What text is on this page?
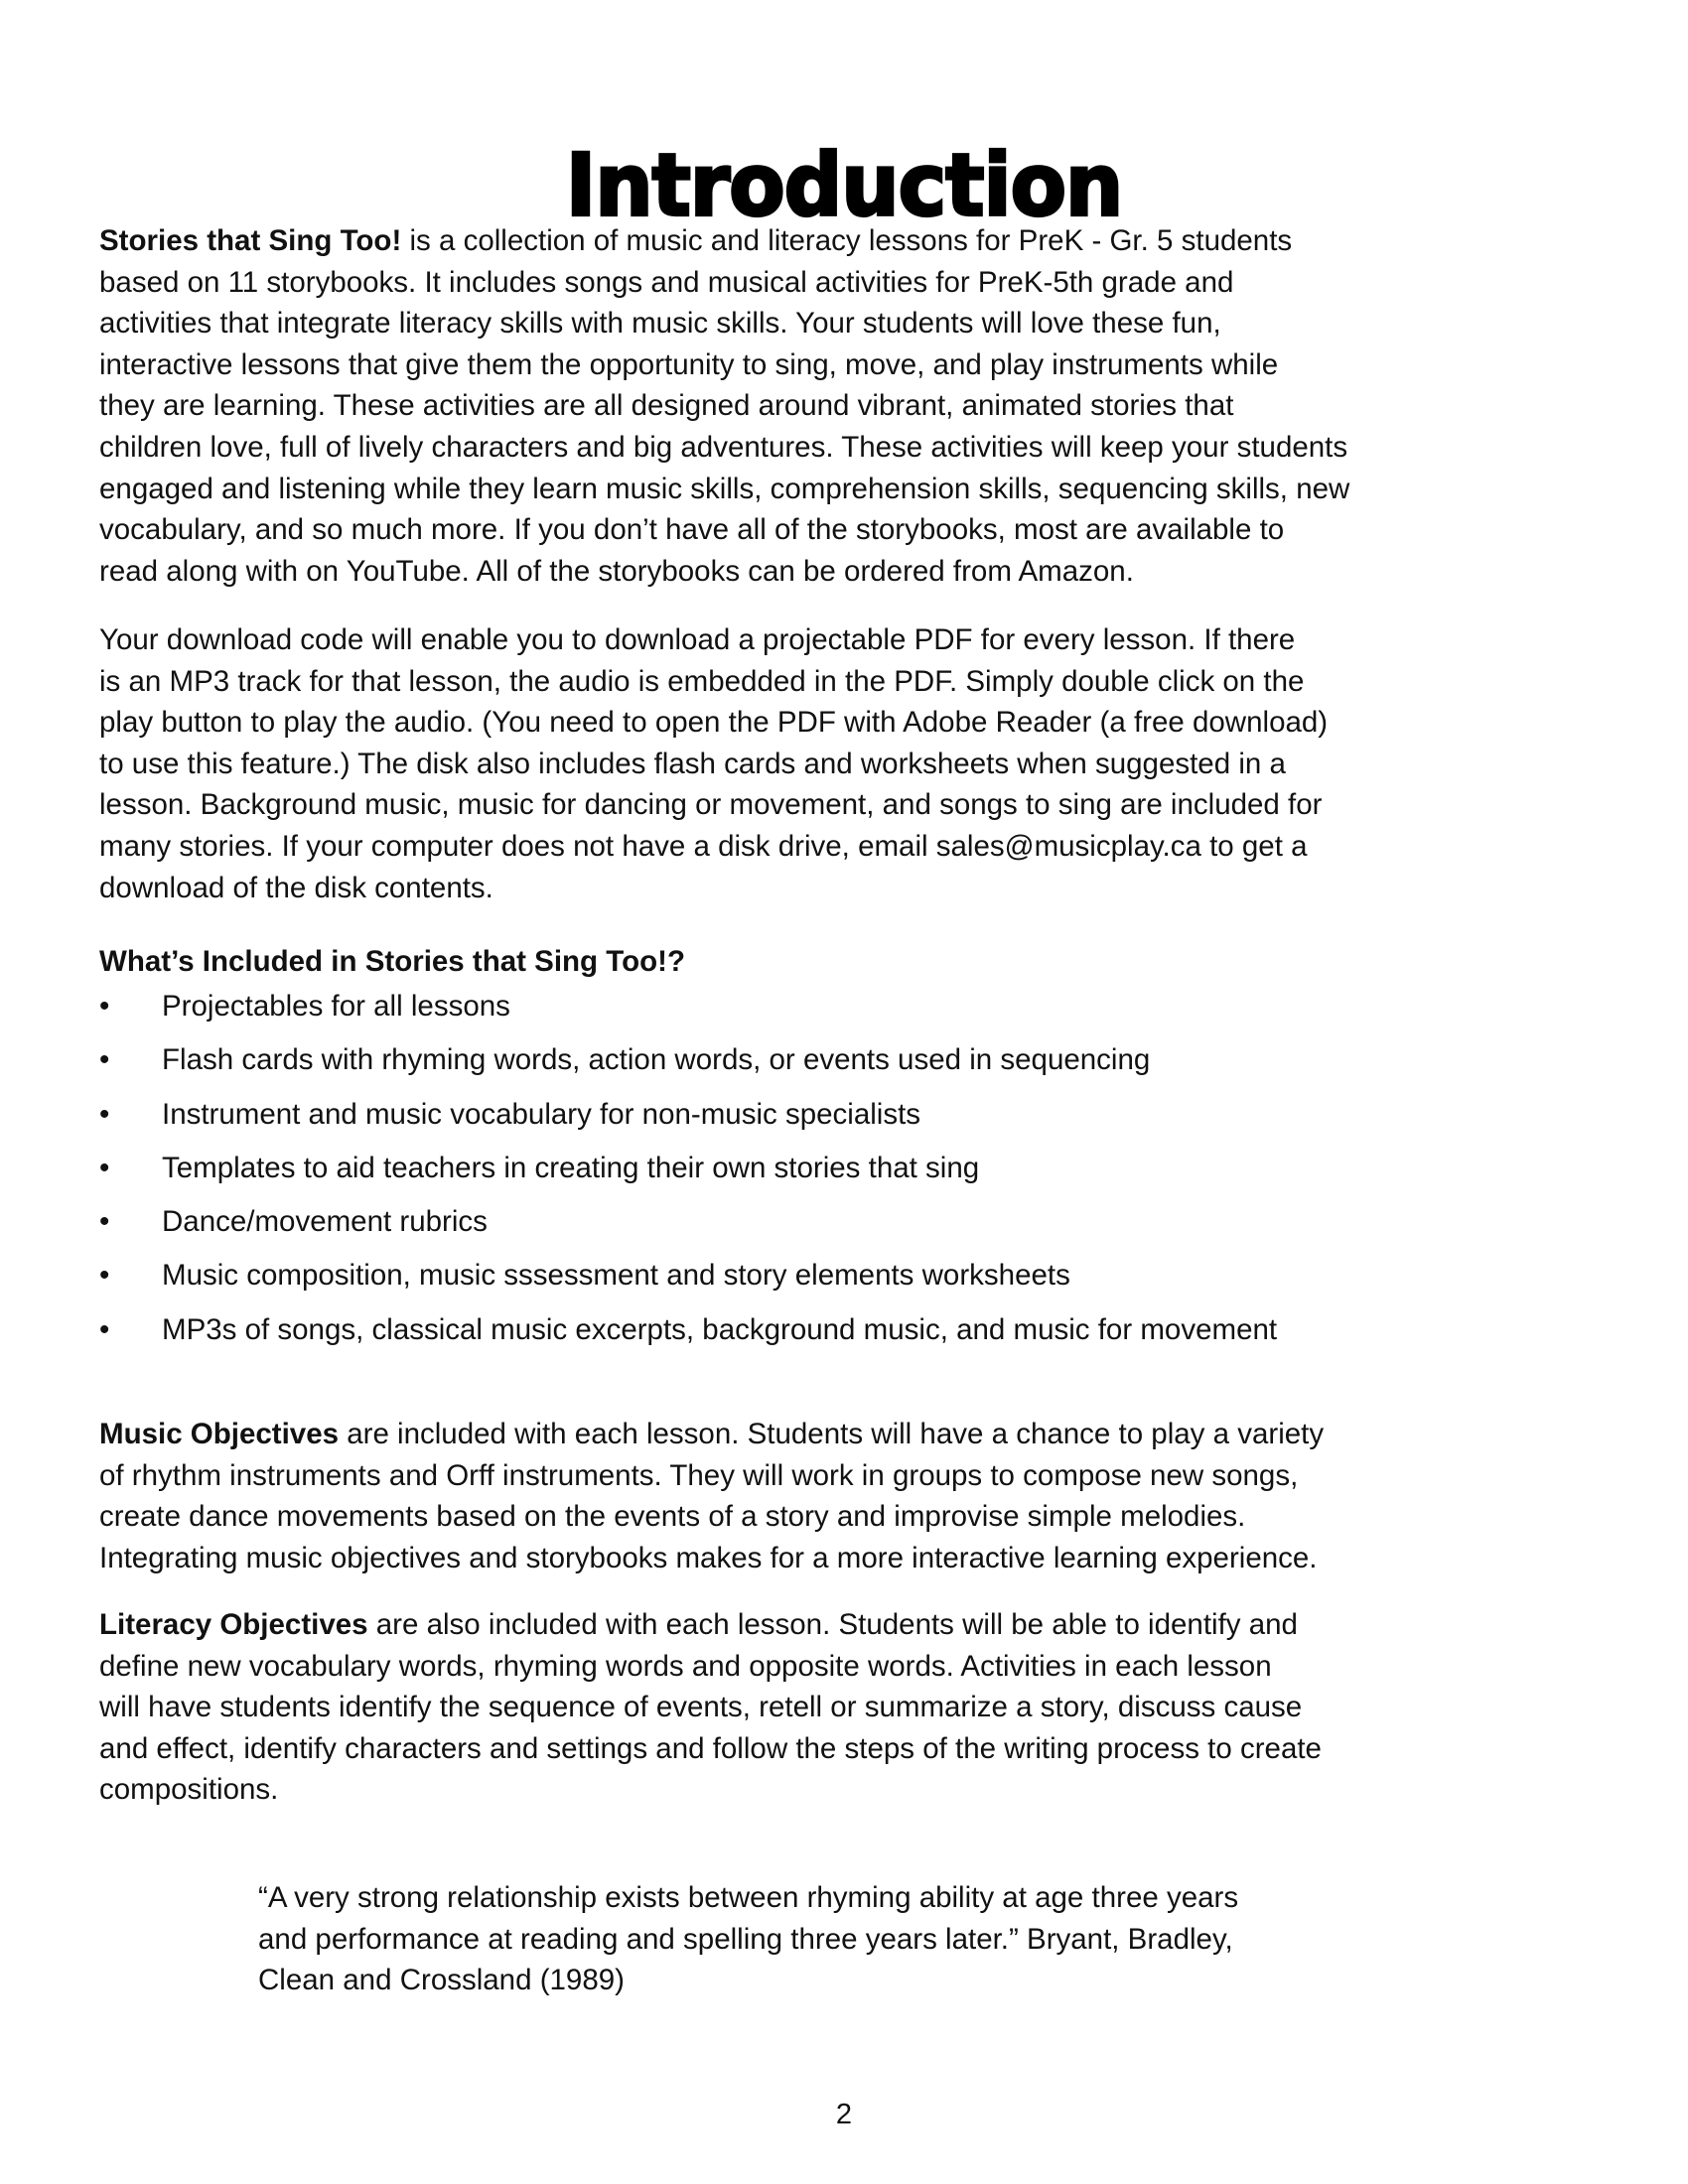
Introduction
Stories that Sing Too! is a collection of music and literacy lessons for PreK - Gr. 5 students
based on 11 storybooks. It includes songs and musical activities for PreK-5th grade and
activities that integrate literacy skills with music skills. Your students will love these fun,
interactive lessons that give them the opportunity to sing, move, and play instruments while
they are learning. These activities are all designed around vibrant, animated stories that
children love, full of lively characters and big adventures. These activities will keep your students
engaged and listening while they learn music skills, comprehension skills, sequencing skills, new
vocabulary, and so much more. If you don’t have all of the storybooks, most are available to
read along with on YouTube. All of the storybooks can be ordered from Amazon.
Your download code will enable you to download a projectable PDF for every lesson. If there
is an MP3 track for that lesson, the audio is embedded in the PDF. Simply double click on the
play button to play the audio. (You need to open the PDF with Adobe Reader (a free download)
to use this feature.) The disk also includes flash cards and worksheets when suggested in a
lesson. Background music, music for dancing or movement, and songs to sing are included for
many stories. If your computer does not have a disk drive, email sales@musicplay.ca to get a
download of the disk contents.
What’s Included in Stories that Sing Too!?
•	Projectables for all lessons
•	Flash cards with rhyming words, action words, or events used in sequencing
•	Instrument and music vocabulary for non-music specialists
•	Templates to aid teachers in creating their own stories that sing
•	Dance/movement rubrics
•	Music composition, music sssessment and story elements worksheets
•	MP3s of songs, classical music excerpts, background music, and music for movement
Music Objectives are included with each lesson. Students will have a chance to play a variety
of rhythm instruments and Orff instruments. They will work in groups to compose new songs,
create dance movements based on the events of a story and improvise simple melodies.
Integrating music objectives and storybooks makes for a more interactive learning experience.
Literacy Objectives are also included with each lesson. Students will be able to identify and
define new vocabulary words, rhyming words and opposite words. Activities in each lesson
will have students identify the sequence of events, retell or summarize a story, discuss cause
and effect, identify characters and settings and follow the steps of the writing process to create
compositions.
“A very strong relationship exists between rhyming ability at age three years
and performance at reading and spelling three years later.” Bryant, Bradley,
Clean and Crossland (1989)
2
